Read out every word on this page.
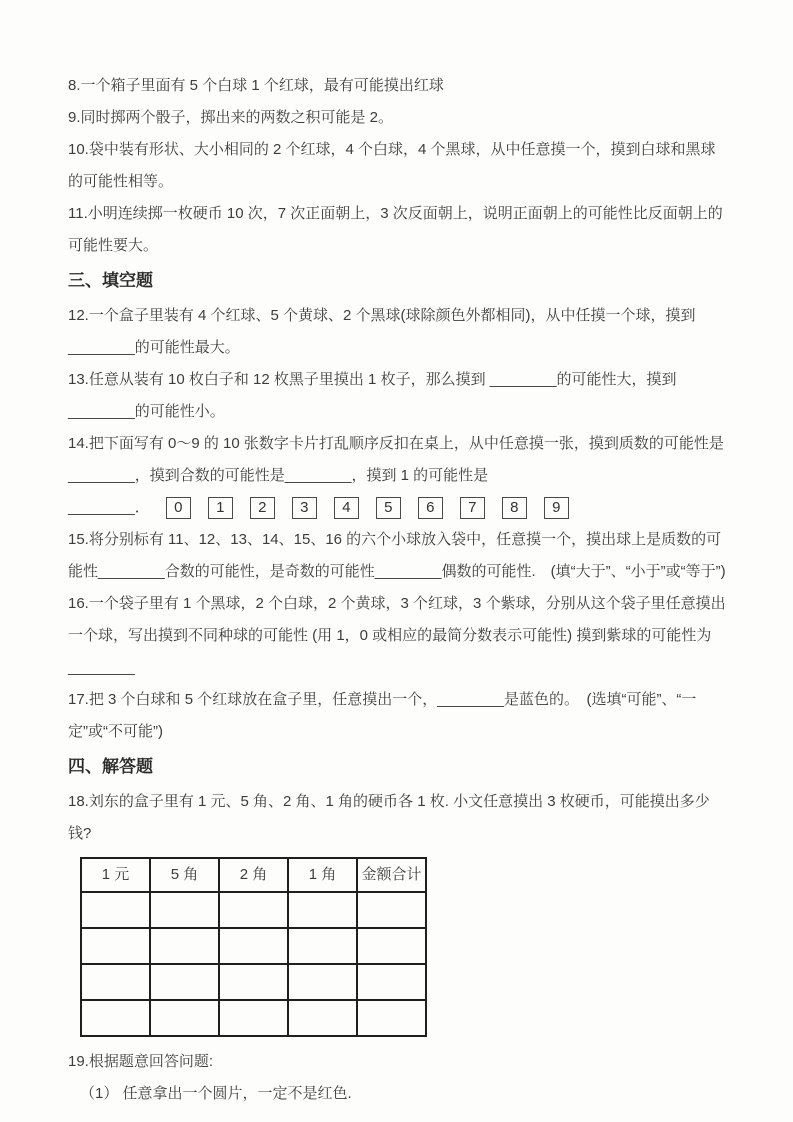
8.一个箱子里面有 5 个白球 1 个红球，最有可能摸出红球

9.同时掷两个骰子，掷出来的两数之积可能是 2。

10.袋中装有形状、大小相同的 2 个红球，4 个白球，4 个黑球，从中任意摸一个，摸到白球和黑球的可能性相等。

11.小明连续掷一枚硬币 10 次，7 次正面朝上，3 次反面朝上，说明正面朝上的可能性比反面朝上的可能性要大。

三、填空题

12.一个盒子里装有 4 个红球、5 个黄球、2 个黑球(球除颜色外都相同)，从中任摸一个球，摸到________的可能性最大。

13.任意从装有 10 枚白子和 12 枚黑子里摸出 1 枚子，那么摸到 ________的可能性大，摸到________的可能性小。

14.把下面写有 0～9 的 10 张数字卡片打乱顺序反扣在桌上，从中任意摸一张，摸到质数的可能性是________，摸到合数的可能性是________，摸到 1 的可能性是

________．	0	1	2	3	4	5	6	7	8	9

15.将分别标有 11、12、13、14、15、16 的六个小球放入袋中，任意摸一个，摸出球上是质数的可能性________合数的可能性，是奇数的可能性________偶数的可能性.　(填“大于”、“小于”或“等于”)

16.一个袋子里有 1 个黑球，2 个白球，2 个黄球，3 个红球，3 个紫球，分别从这个袋子里任意摸出一个球，写出摸到不同种球的可能性 (用 1，0 或相应的最简分数表示可能性) 摸到紫球的可能性为________

17.把 3 个白球和 5 个红球放在盒子里，任意摸出一个，________是蓝色的。　(选填“可能”、“一定”或“不可能”)

四、解答题

18.刘东的盒子里有 1 元、5 角、2 角、1 角的硬币各 1 枚. 小文任意摸出 3 枚硬币，可能摸出多少钱?

1 元	5 角	2 角	1 角	金额合计

19.根据题意回答问题:

（1） 任意拿出一个圆片，一定不是红色.
